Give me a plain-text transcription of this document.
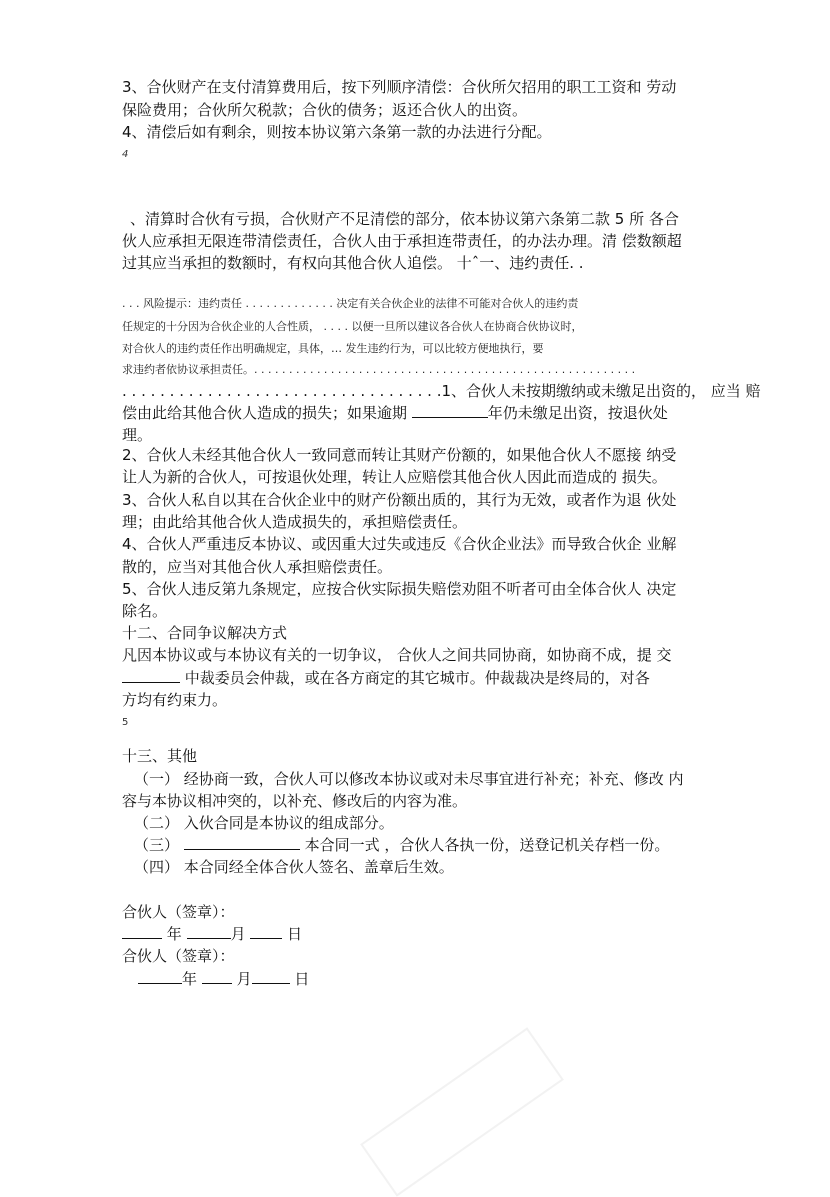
3、合伙财产在支付清算费用后，按下列顺序清偿：合伙所欠招用的职工工资和 劳动
保险费用；合伙所欠税款；合伙的债务；返还合伙人的出资。
4、清偿后如有剩余，则按本协议第六条第一款的办法进行分配。
4
、清算时合伙有亏损，合伙财产不足清偿的部分，依本协议第六条第二款 5 所 各合
伙人应承担无限连带清偿责任，合伙人由于承担连带责任，的办法办理。清 偿数额超
过其应当承担的数额时，有权向其他合伙人追偿。 十ˆ一、违约责任. .
. . . 风险提示：违约责任 . . . . . . . . . . . . . 决定有关合伙企业的法律不可能对合伙人的违约责
任规定的十分因为合伙企业的人合性质， . . . . 以便一旦所以建议各合伙人在协商合伙协议时，
对合伙人的违约责任作出明确规定，具体，… 发生违约行为，可以比较方便地执行，要
求违约者依协议承担责任。. . . . . . . . . . . . . . . . . . . . . . . . . . . . . . . . . . . . . . . . . . . . . . . . . . . . . . .
. . . . . . . . . . . . . . . . . . . . . . . . . . . . . . . . . .1、合伙人未按期缴纳或未缴足出资的， 应当 赔
偿由此给其他合伙人造成的损失；如果逾期	年仍未缴足出资，按退伙处
理。
2、合伙人未经其他合伙人一致同意而转让其财产份额的，如果他合伙人不愿接 纳受
让人为新的合伙人，可按退伙处理，转让人应赔偿其他合伙人因此而造成的 损失。
3、合伙人私自以其在合伙企业中的财产份额出质的，其行为无效，或者作为退 伙处
理；由此给其他合伙人造成损失的，承担赔偿责任。
4、合伙人严重违反本协议、或因重大过失或违反《合伙企业法》而导致合伙企 业解
散的，应当对其他合伙人承担赔偿责任。
5、合伙人违反第九条规定，应按合伙实际损失赔偿劝阻不听者可由全体合伙人 决定
除名。
十二、合同争议解决方式
凡因本协议或与本协议有关的一切争议， 合伙人之间共同协商，如协商不成，提 交
中裁委员会仲裁，或在各方商定的其它城市。仲裁裁决是终局的，对各
方均有约束力。
5
十三、其他
（一） 经协商一致，合伙人可以修改本协议或对未尽事宜进行补充；补充、修改 内
容与本协议相冲突的，以补充、修改后的内容为准。
（二） 入伙合同是本协议的组成部分。
（三）	本合同一式 ，合伙人各执一份，送登记机关存档一份。
（四） 本合同经全体合伙人签名、盖章后生效。
合伙人（签章）：
年	月	日
合伙人（签章）：
年	月	日
